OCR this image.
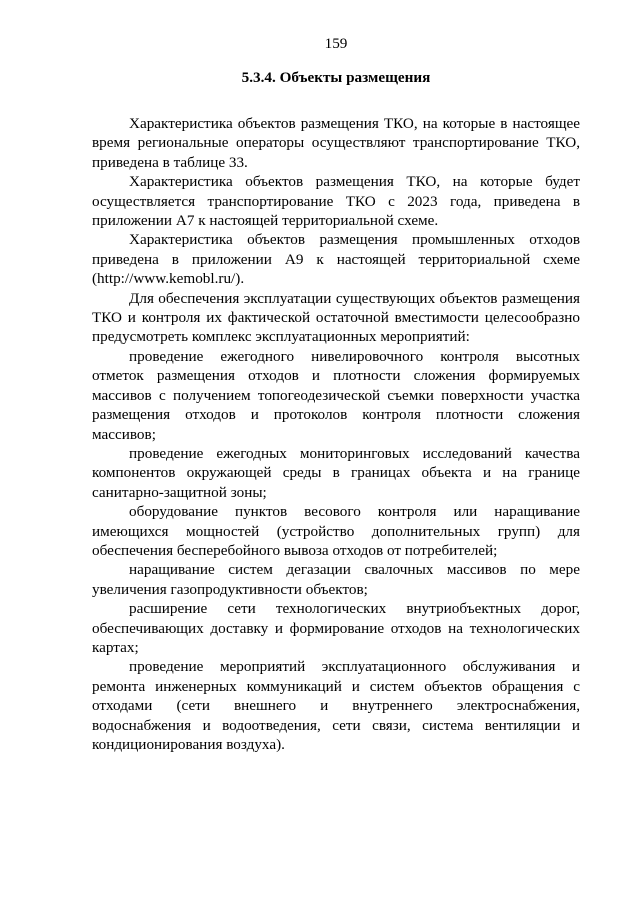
159
5.3.4. Объекты размещения

Характеристика объектов размещения ТКО, на которые в настоящее время региональные операторы осуществляют транспортирование ТКО, приведена в таблице 33.

Характеристика объектов размещения ТКО, на которые будет осуществляется транспортирование ТКО с 2023 года, приведена в приложении А7 к настоящей территориальной схеме.

Характеристика объектов размещения промышленных отходов приведена в приложении А9 к настоящей территориальной схеме (http://www.kemobl.ru/).

Для обеспечения эксплуатации существующих объектов размещения ТКО и контроля их фактической остаточной вместимости целесообразно предусмотреть комплекс эксплуатационных мероприятий:

проведение ежегодного нивелировочного контроля высотных отметок размещения отходов и плотности сложения формируемых массивов с получением топогеодезической съемки поверхности участка размещения отходов и протоколов контроля плотности сложения массивов;

проведение ежегодных мониторинговых исследований качества компонентов окружающей среды в границах объекта и на границе санитарно-защитной зоны;

оборудование пунктов весового контроля или наращивание имеющихся мощностей (устройство дополнительных групп) для обеспечения бесперебойного вывоза отходов от потребителей;

наращивание систем дегазации свалочных массивов по мере увеличения газопродуктивности объектов;

расширение сети технологических внутриобъектных дорог, обеспечивающих доставку и формирование отходов на технологических картах;

проведение мероприятий эксплуатационного обслуживания и ремонта инженерных коммуникаций и систем объектов обращения с отходами (сети внешнего и внутреннего электроснабжения, водоснабжения и водоотведения, сети связи, система вентиляции и кондиционирования воздуха).
